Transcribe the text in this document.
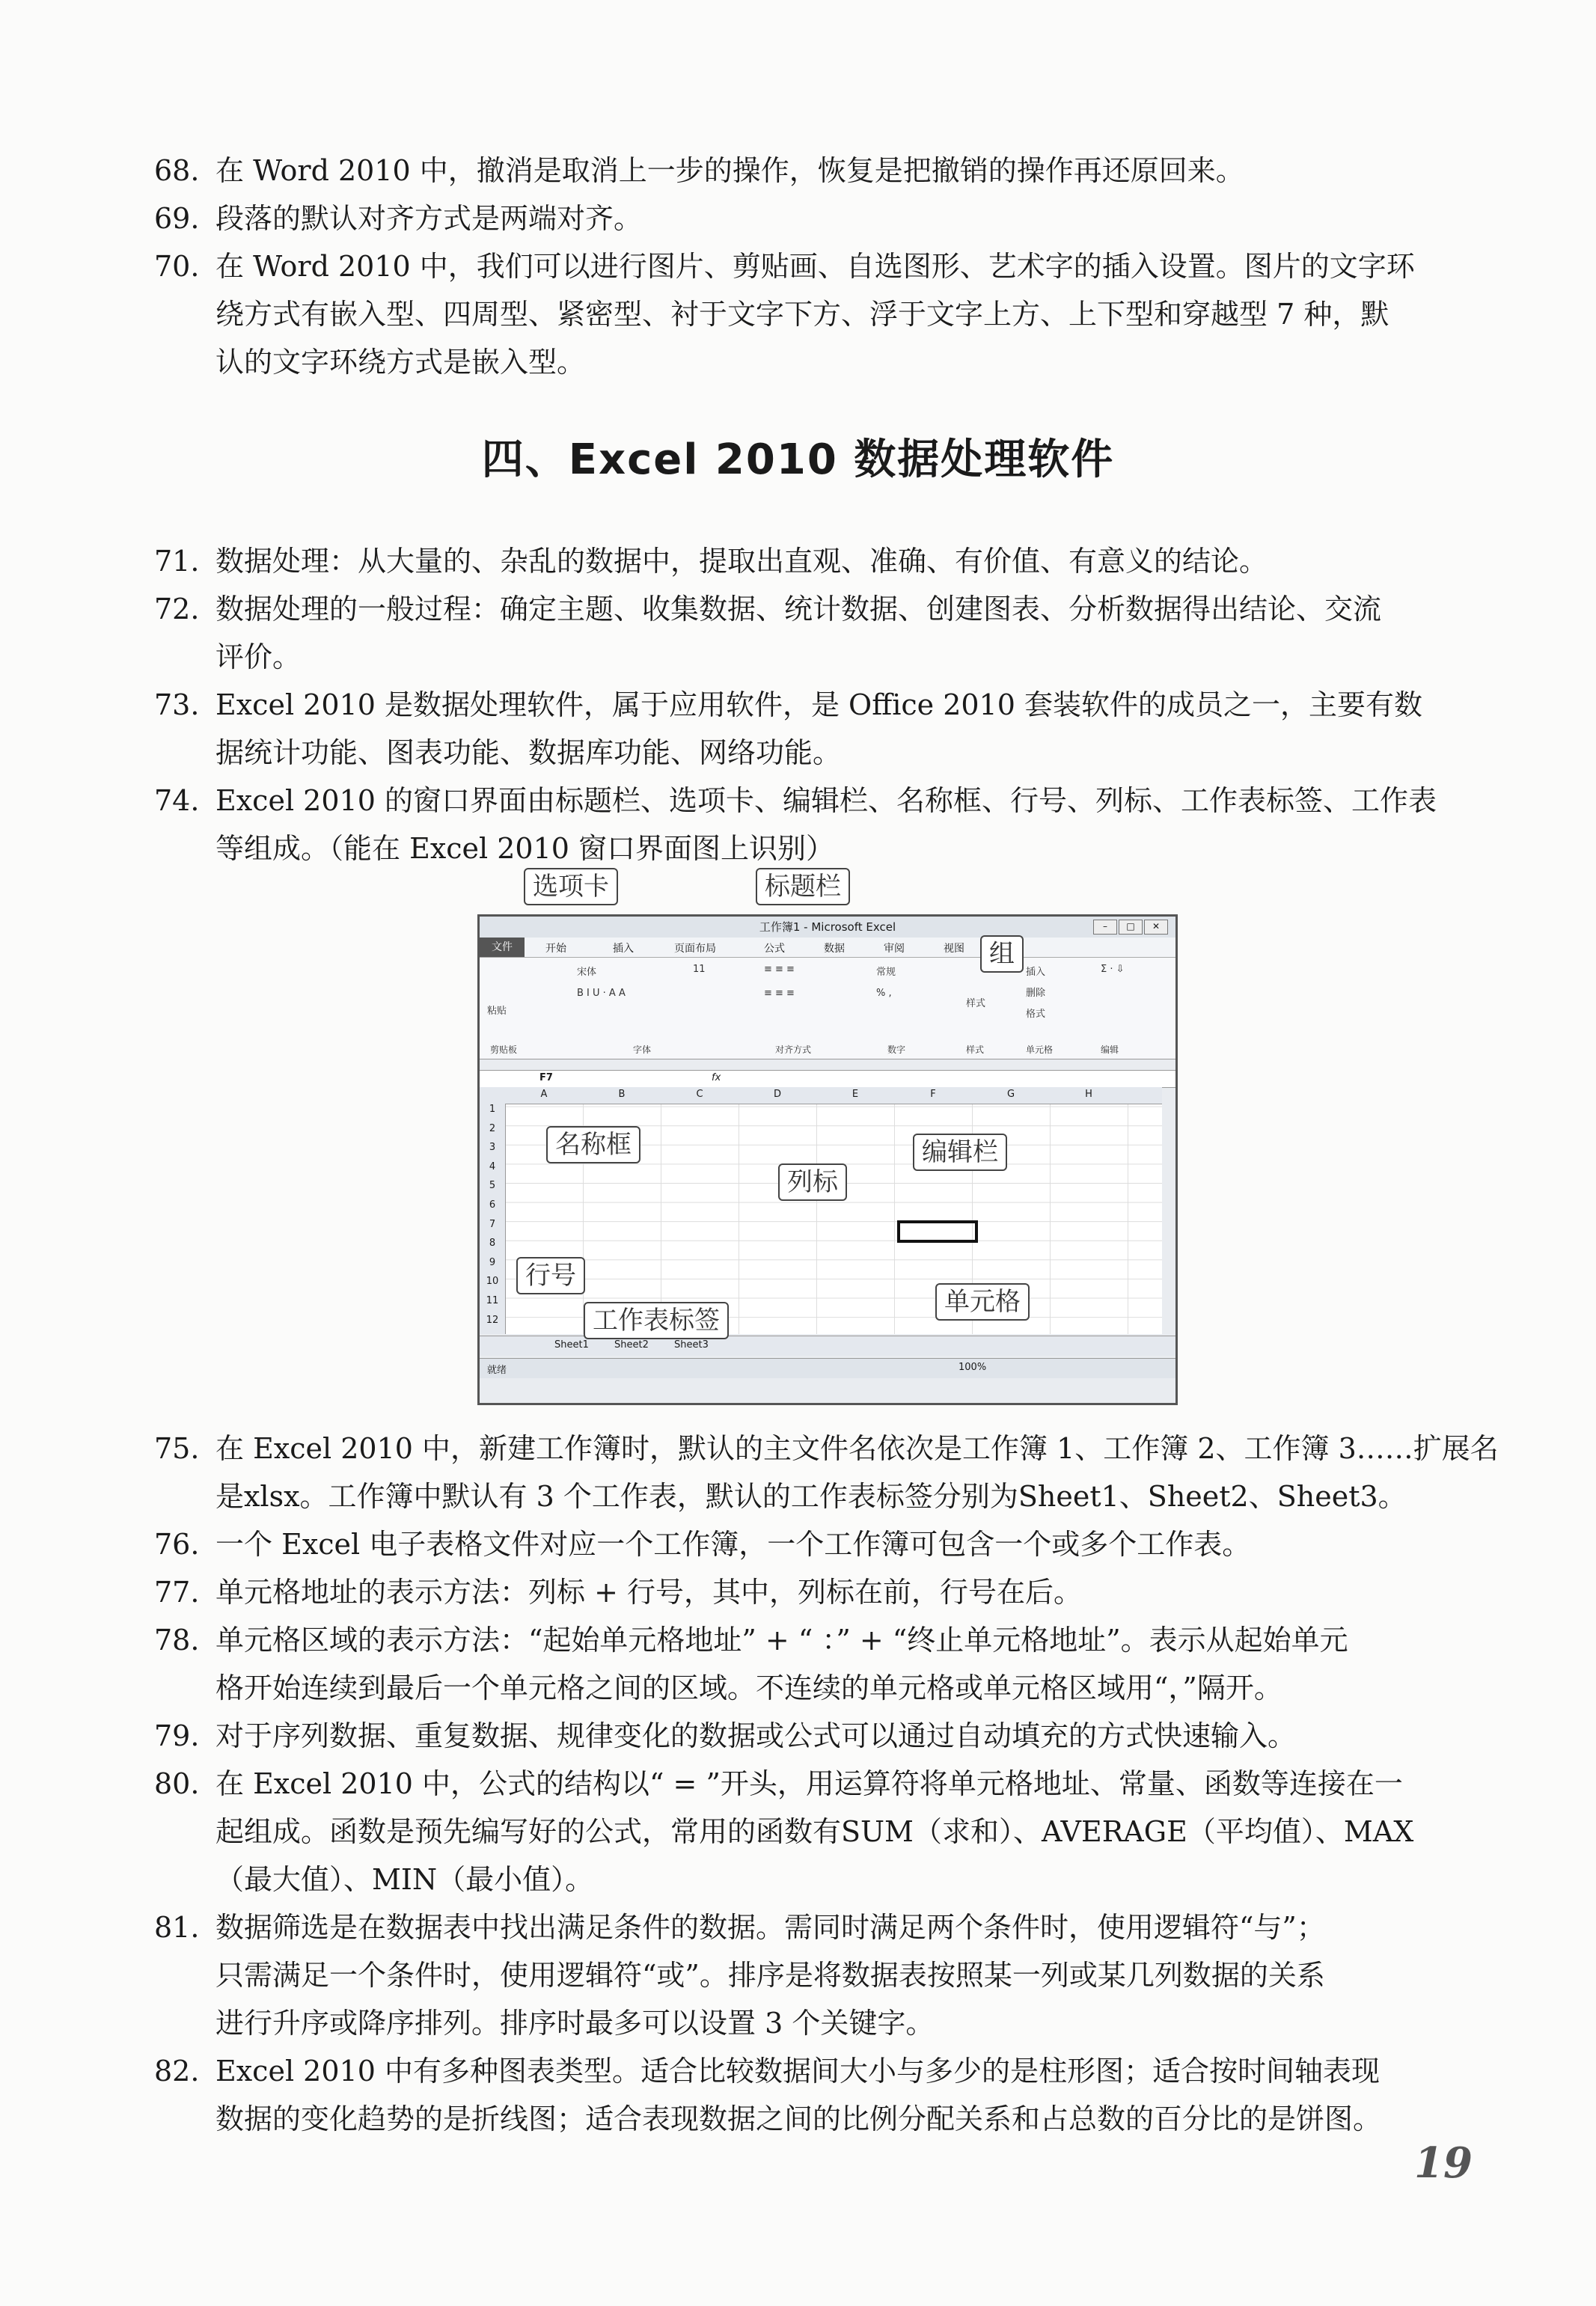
68. 在 Word 2010 中，撤消是取消上一步的操作，恢复是把撤销的操作再还原回来。
69. 段落的默认对齐方式是两端对齐。
70. 在 Word 2010 中，我们可以进行图片、剪贴画、自选图形、艺术字的插入设置。图片的文字环
绕方式有嵌入型、四周型、紧密型、衬于文字下方、浮于文字上方、上下型和穿越型 7 种，默
认的文字环绕方式是嵌入型。
四、Excel 2010 数据处理软件
71. 数据处理：从大量的、杂乱的数据中，提取出直观、准确、有价值、有意义的结论。
72. 数据处理的一般过程：确定主题、收集数据、统计数据、创建图表、分析数据得出结论、交流
评价。
73. Excel 2010 是数据处理软件，属于应用软件，是 Office 2010 套装软件的成员之一，主要有数
据统计功能、图表功能、数据库功能、网络功能。
74. Excel 2010 的窗口界面由标题栏、选项卡、编辑栏、名称框、行号、列标、工作表标签、工作表
等组成。（能在 Excel 2010 窗口界面图上识别）
工作簿1 - Microsoft Excel	–	□	✕
文件	开始	插入	页面布局	公式	数据	审阅	视图
粘贴
宋体	11
B I U · A A
≡ ≡ ≡
≡ ≡ ≡
常规
% ,
样式
插入
删除
格式
Σ · ⇩
剪贴板	字体	对齐方式	数字	样式	单元格	编辑
F7	fx
A	B	C	D	E	F	G	H
1
2
3
4
5
6
7
8
9
10
11
12
Sheet1	Sheet2	Sheet3
就绪	100%
选项卡	标题栏
组
名称框
列标
编辑栏
行号
单元格
工作表标签
75. 在 Excel 2010 中，新建工作簿时，默认的主文件名依次是工作簿 1、工作簿 2、工作簿 3……扩展名
是xlsx。工作簿中默认有 3 个工作表，默认的工作表标签分别为Sheet1、Sheet2、Sheet3。
76. 一个 Excel 电子表格文件对应一个工作簿，一个工作簿可包含一个或多个工作表。
77. 单元格地址的表示方法：列标 + 行号，其中，列标在前，行号在后。
78. 单元格区域的表示方法：“起始单元格地址” + “ ：” + “终止单元格地址”。表示从起始单元
格开始连续到最后一个单元格之间的区域。不连续的单元格或单元格区域用“，”隔开。
79. 对于序列数据、重复数据、规律变化的数据或公式可以通过自动填充的方式快速输入。
80. 在 Excel 2010 中，公式的结构以“ = ”开头，用运算符将单元格地址、常量、函数等连接在一
起组成。函数是预先编写好的公式，常用的函数有SUM（求和）、AVERAGE（平均值）、MAX
（最大值）、MIN（最小值）。
81. 数据筛选是在数据表中找出满足条件的数据。需同时满足两个条件时，使用逻辑符“与”；
只需满足一个条件时，使用逻辑符“或”。排序是将数据表按照某一列或某几列数据的关系
进行升序或降序排列。排序时最多可以设置 3 个关键字。
82. Excel 2010 中有多种图表类型。适合比较数据间大小与多少的是柱形图；适合按时间轴表现
数据的变化趋势的是折线图；适合表现数据之间的比例分配关系和占总数的百分比的是饼图。
19
